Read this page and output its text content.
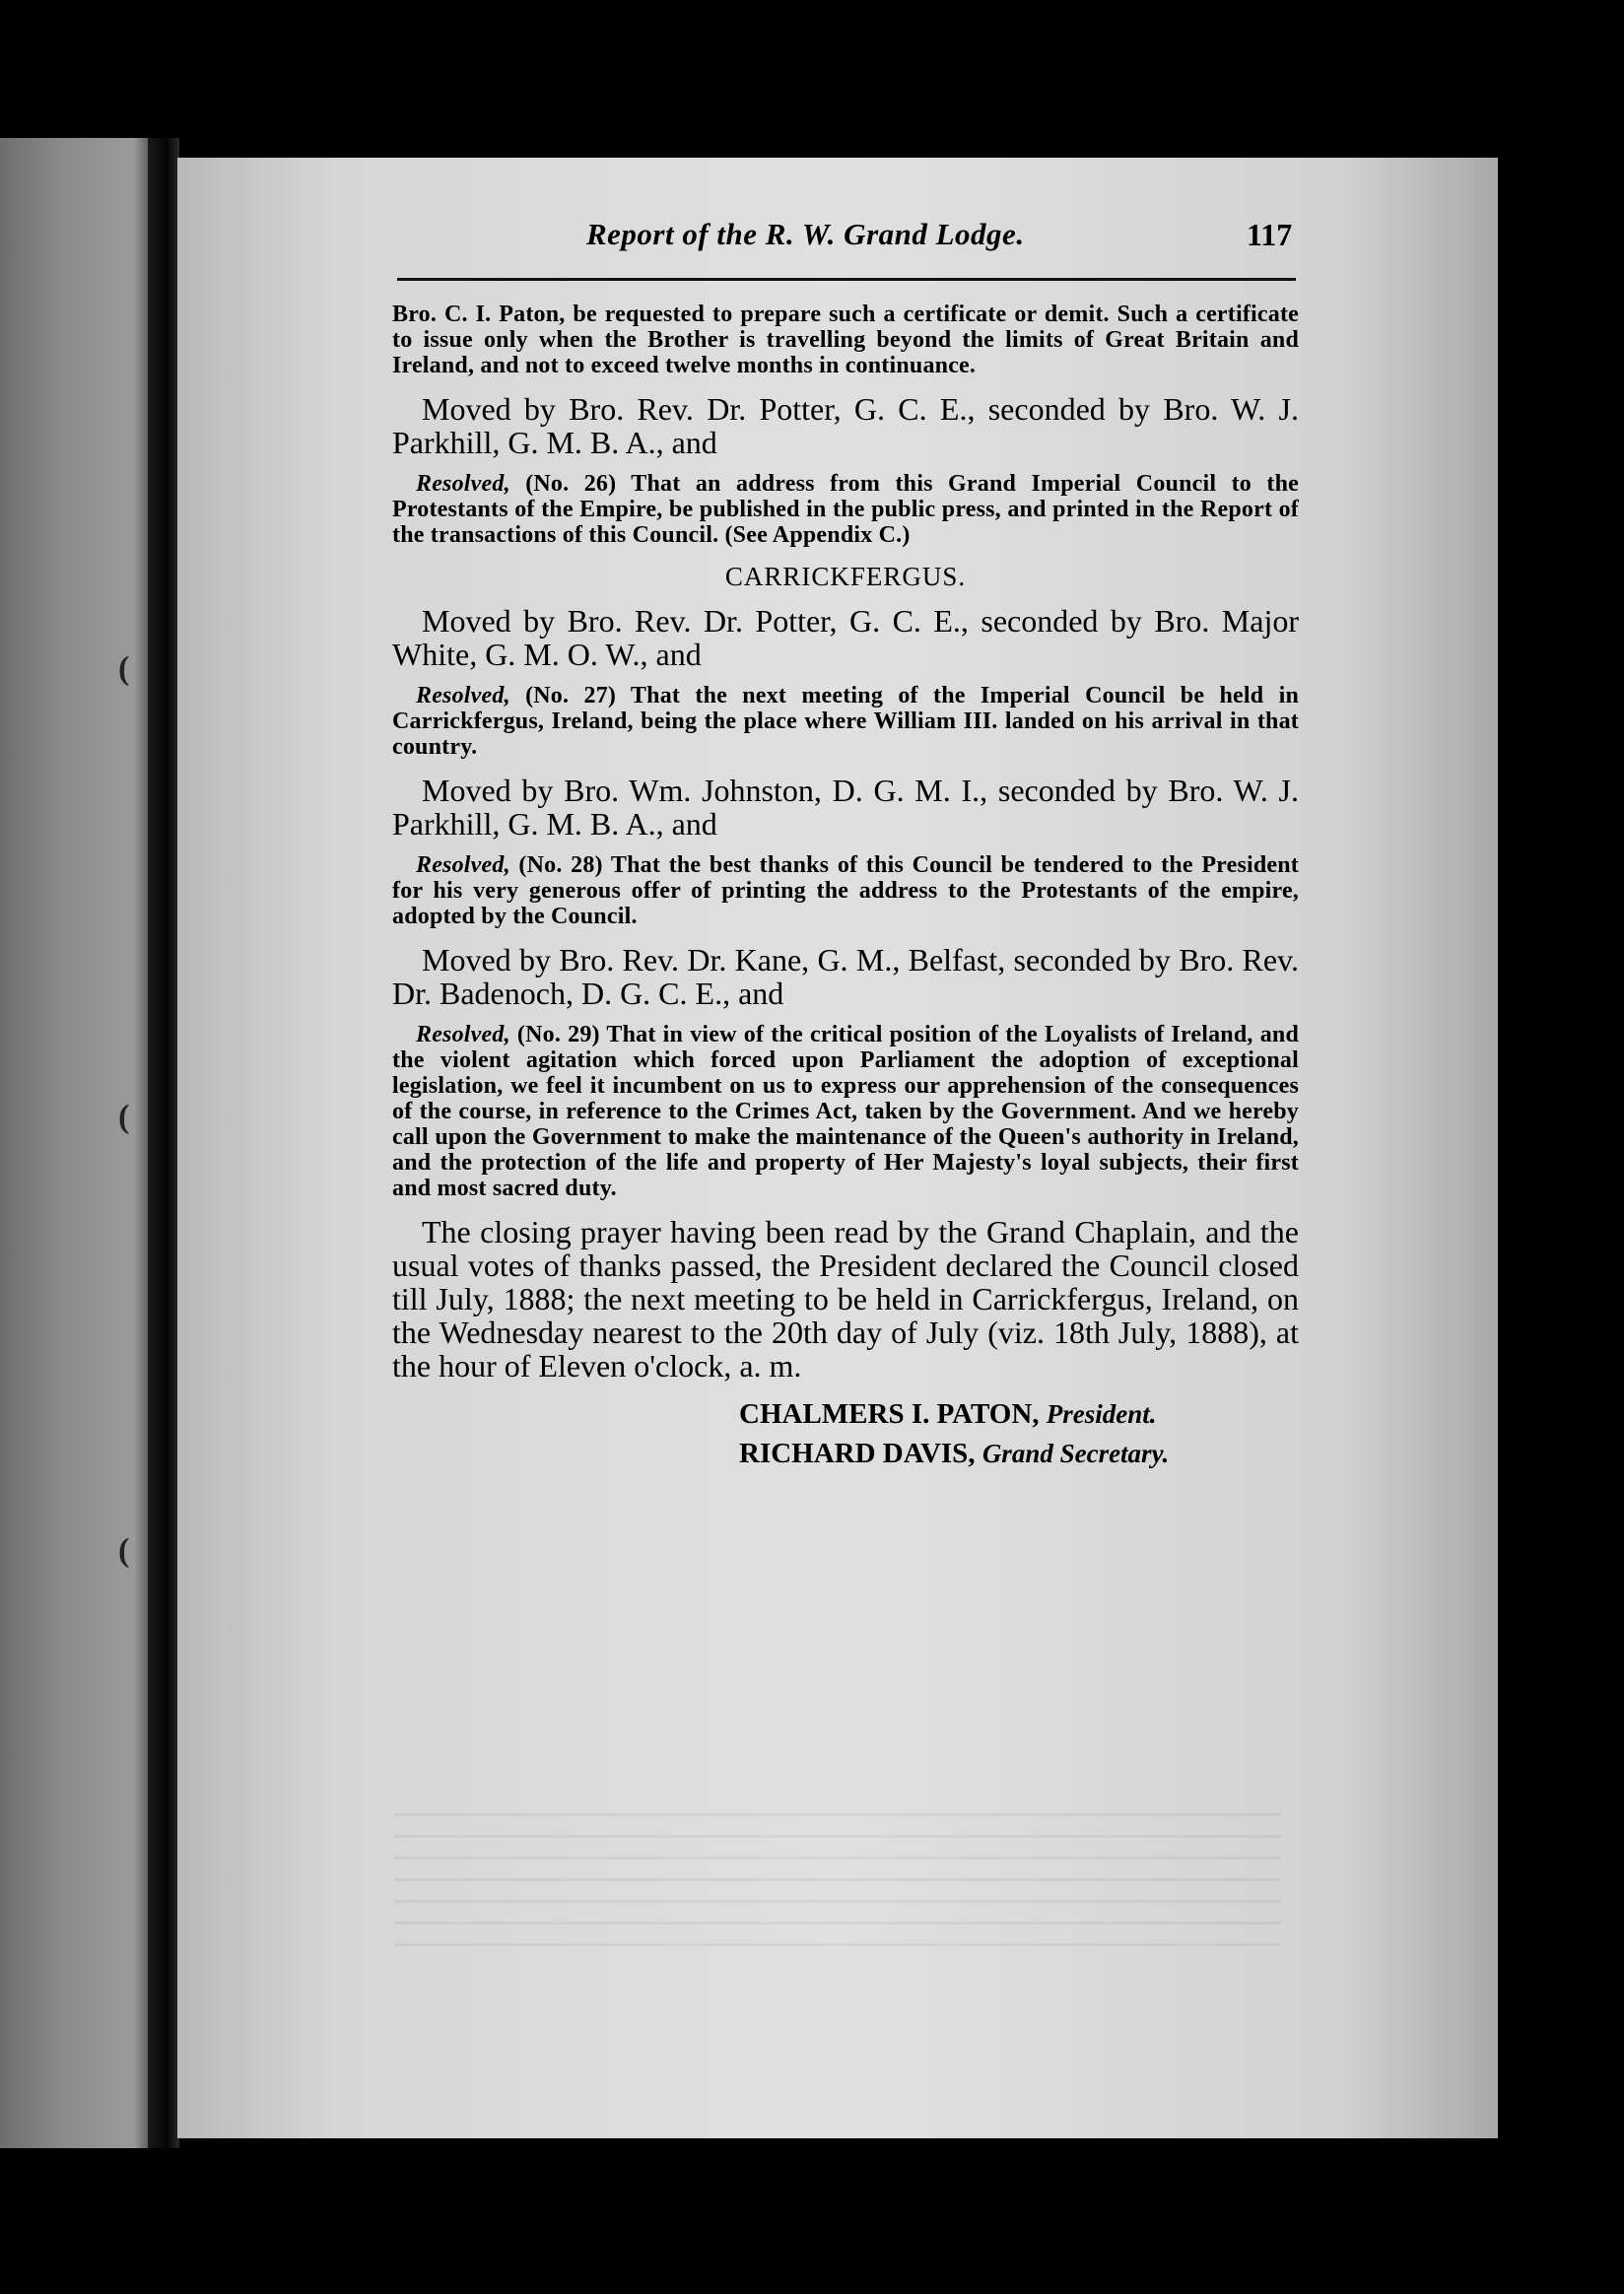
(
(
(
Report of the R. W. Grand Lodge.	117

Bro. C. I. Paton, be requested to prepare such a certificate or demit. Such a certificate to issue only when the Brother is travelling beyond the limits of Great Britain and Ireland, and not to exceed twelve months in continuance.

Moved by Bro. Rev. Dr. Potter, G. C. E., seconded by Bro. W. J. Parkhill, G. M. B. A., and

Resolved, (No. 26) That an address from this Grand Imperial Council to the Protestants of the Empire, be published in the public press, and printed in the Report of the transactions of this Council. (See Appendix C.)

CARRICKFERGUS.

Moved by Bro. Rev. Dr. Potter, G. C. E., seconded by Bro. Major White, G. M. O. W., and

Resolved, (No. 27) That the next meeting of the Imperial Council be held in Carrickfergus, Ireland, being the place where William III. landed on his arrival in that country.

Moved by Bro. Wm. Johnston, D. G. M. I., seconded by Bro. W. J. Parkhill, G. M. B. A., and

Resolved, (No. 28) That the best thanks of this Council be tendered to the President for his very generous offer of printing the address to the Protestants of the empire, adopted by the Council.

Moved by Bro. Rev. Dr. Kane, G. M., Belfast, seconded by Bro. Rev. Dr. Badenoch, D. G. C. E., and

Resolved, (No. 29) That in view of the critical position of the Loyalists of Ireland, and the violent agitation which forced upon Parliament the adoption of exceptional legislation, we feel it incumbent on us to express our apprehension of the consequences of the course, in reference to the Crimes Act, taken by the Government. And we hereby call upon the Government to make the maintenance of the Queen's authority in Ireland, and the protection of the life and property of Her Majesty's loyal subjects, their first and most sacred duty.

The closing prayer having been read by the Grand Chaplain, and the usual votes of thanks passed, the President declared the Council closed till July, 1888; the next meeting to be held in Carrickfergus, Ireland, on the Wednesday nearest to the 20th day of July (viz. 18th July, 1888), at the hour of Eleven o'clock, a. m.

CHALMERS I. PATON, President.
RICHARD DAVIS, Grand Secretary.
